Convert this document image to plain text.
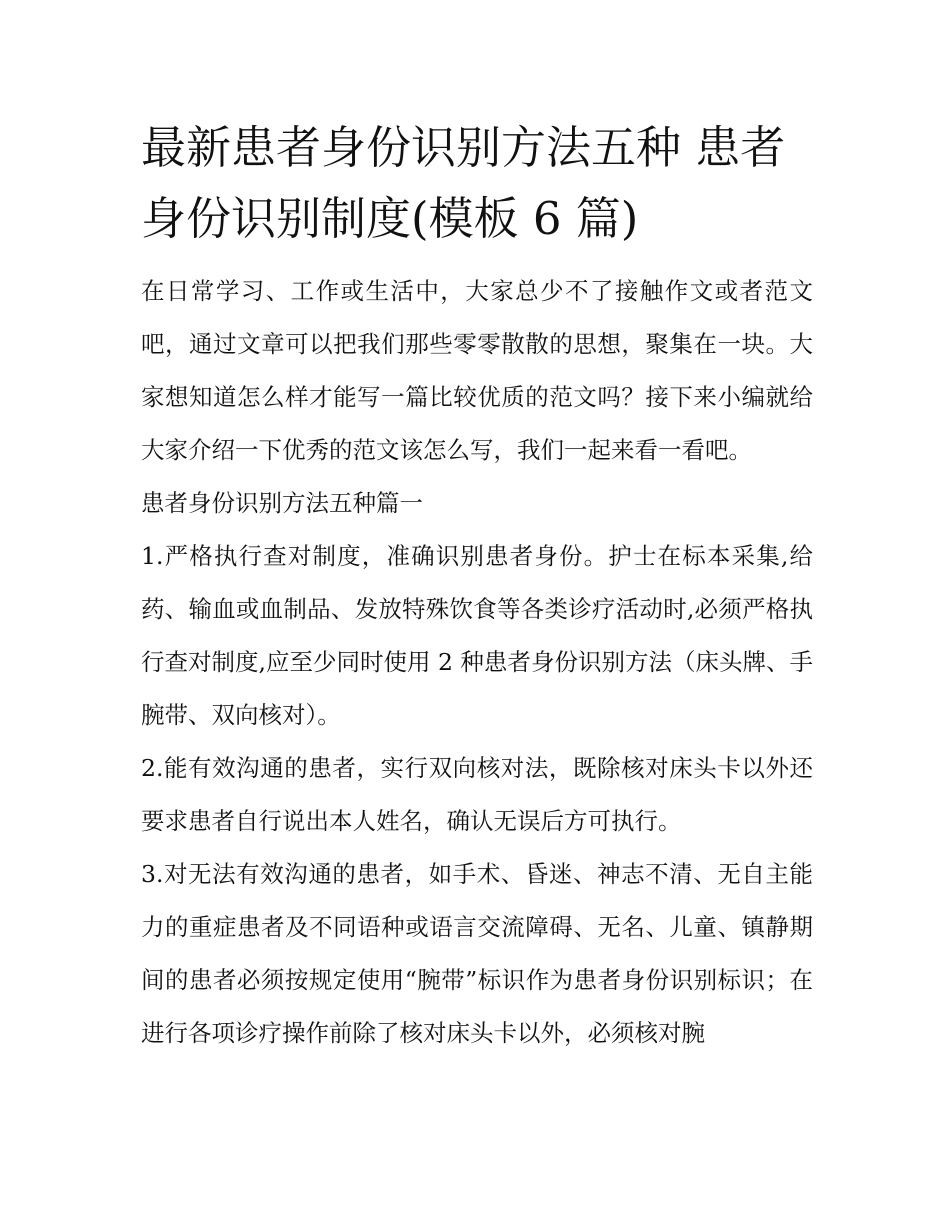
最新患者身份识别方法五种 患者身份识别制度(模板 6 篇)

在日常学习、工作或生活中，大家总少不了接触作文或者范文吧，通过文章可以把我们那些零零散散的思想，聚集在一块。大家想知道怎么样才能写一篇比较优质的范文吗？接下来小编就给大家介绍一下优秀的范文该怎么写，我们一起来看一看吧。

患者身份识别方法五种篇一

1.严格执行查对制度，准确识别患者身份。护士在标本采集,给药、输血或血制品、发放特殊饮食等各类诊疗活动时,必须严格执行查对制度,应至少同时使用 2 种患者身份识别方法（床头牌、手腕带、双向核对）。

2.能有效沟通的患者，实行双向核对法，既除核对床头卡以外还要求患者自行说出本人姓名，确认无误后方可执行。

3.对无法有效沟通的患者，如手术、昏迷、神志不清、无自主能力的重症患者及不同语种或语言交流障碍、无名、儿童、镇静期间的患者必须按规定使用“腕带”标识作为患者身份识别标识；在进行各项诊疗操作前除了核对床头卡以外，必须核对腕
